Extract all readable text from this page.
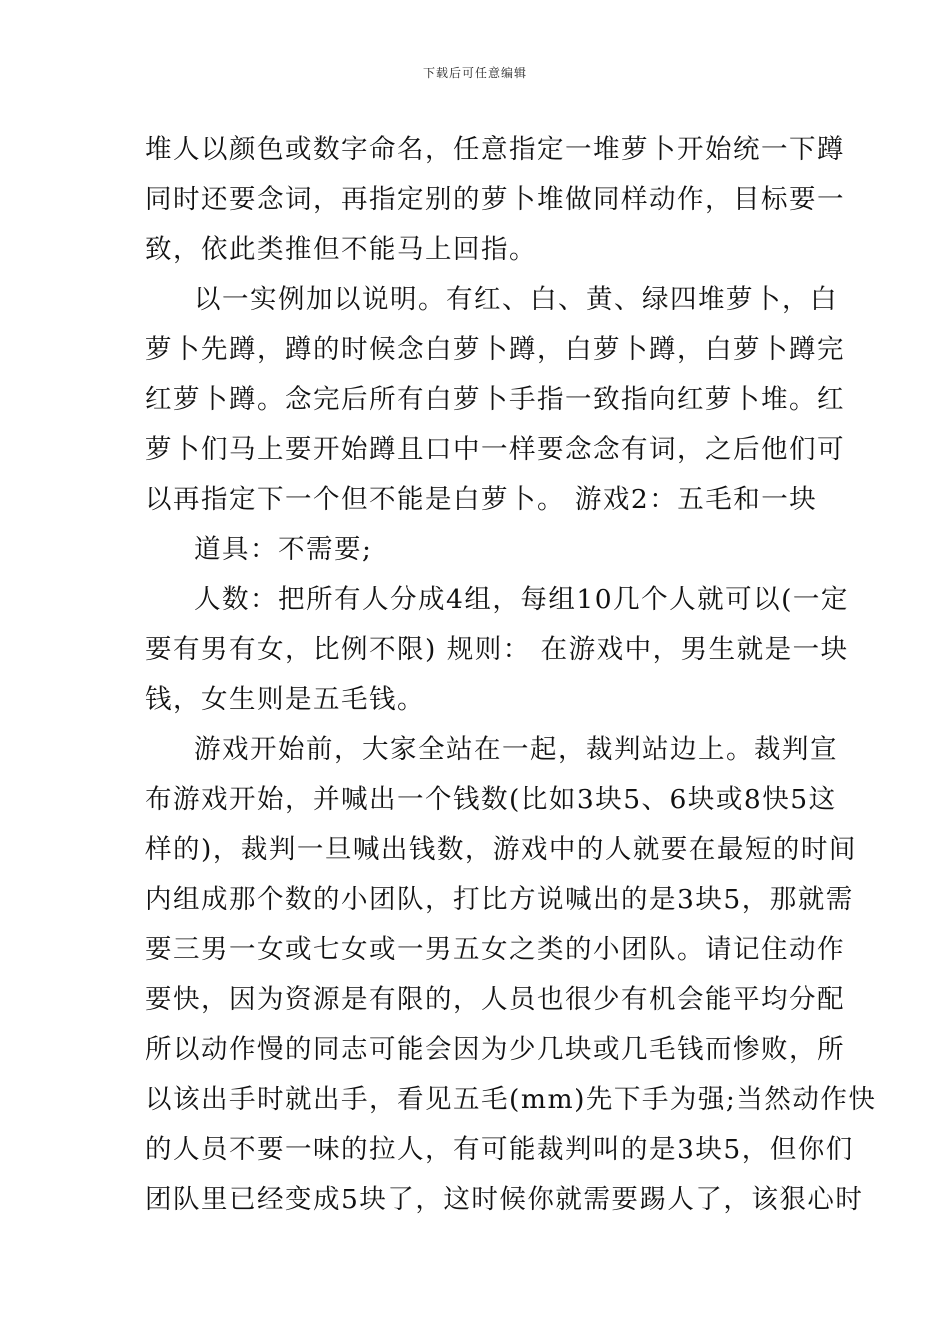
下载后可任意编辑
堆人以颜色或数字命名，任意指定一堆萝卜开始统一下蹲
同时还要念词，再指定别的萝卜堆做同样动作，目标要一
致，依此类推但不能马上回指。
以一实例加以说明。有红、白、黄、绿四堆萝卜，白
萝卜先蹲，蹲的时候念白萝卜蹲，白萝卜蹲，白萝卜蹲完
红萝卜蹲。念完后所有白萝卜手指一致指向红萝卜堆。红
萝卜们马上要开始蹲且口中一样要念念有词，之后他们可
以再指定下一个但不能是白萝卜。 游戏2：五毛和一块
道具：不需要;
人数：把所有人分成4组，每组10几个人就可以(一定
要有男有女，比例不限) 规则： 在游戏中，男生就是一块
钱，女生则是五毛钱。
游戏开始前，大家全站在一起，裁判站边上。裁判宣
布游戏开始，并喊出一个钱数(比如3块5、6块或8快5这
样的)，裁判一旦喊出钱数，游戏中的人就要在最短的时间
内组成那个数的小团队，打比方说喊出的是3块5，那就需
要三男一女或七女或一男五女之类的小团队。请记住动作
要快，因为资源是有限的，人员也很少有机会能平均分配
所以动作慢的同志可能会因为少几块或几毛钱而惨败，所
以该出手时就出手，看见五毛(mm)先下手为强;当然动作快
的人员不要一味的拉人，有可能裁判叫的是3块5，但你们
团队里已经变成5块了，这时候你就需要踢人了，该狠心时
